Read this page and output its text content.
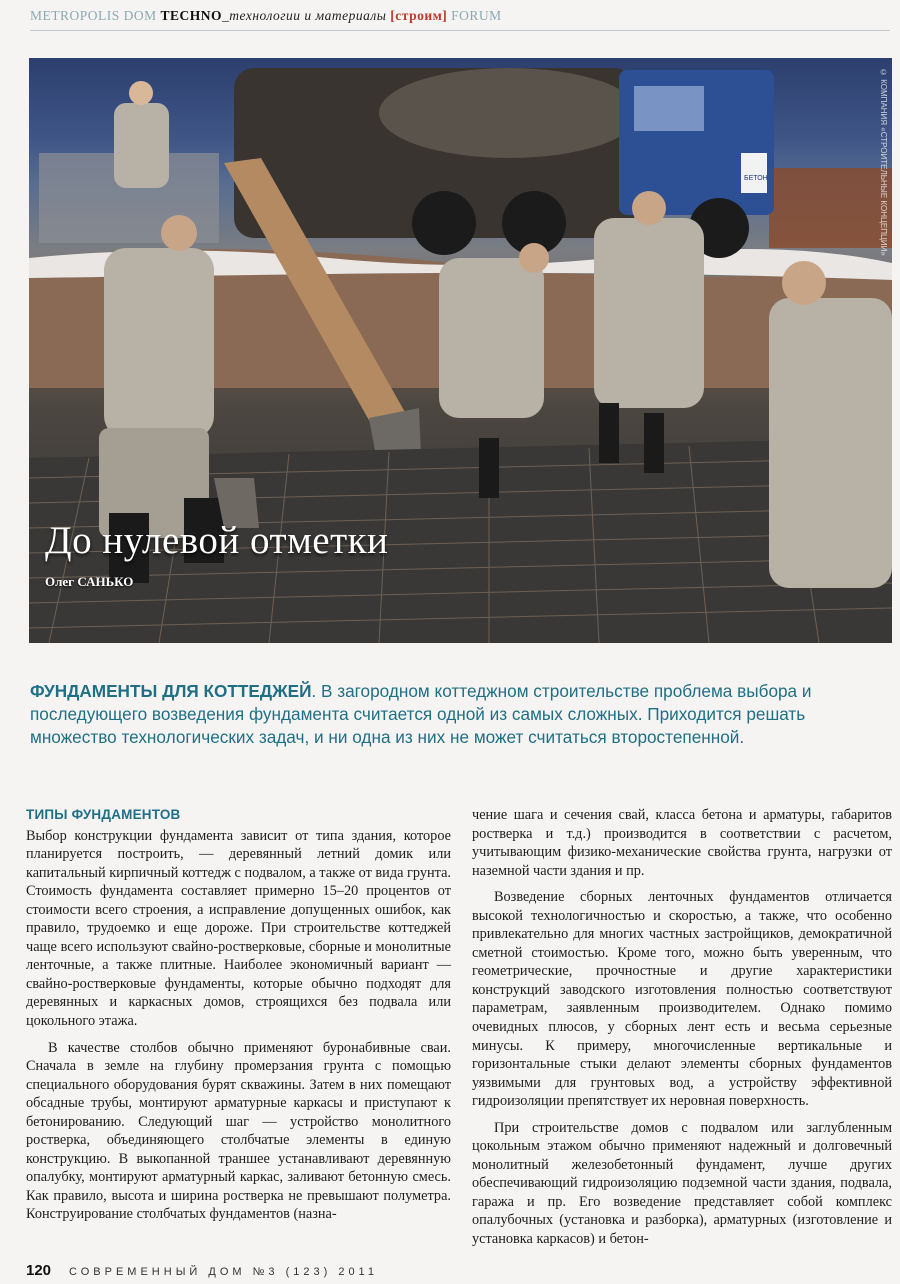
METROPOLIS DOM TECHNO_технологии и материалы [строим] FORUM
БЕТОН	© КОМПАНИЯ «СТРОИТЕЛЬНЫЕ КОНЦЕПЦИИ»
До нулевой отметки
Олег САНЬКО
ФУНДАМЕНТЫ ДЛЯ КОТТЕДЖЕЙ. В загородном коттеджном строительстве проблема выбора и последующего возведения фундамента считается одной из самых сложных. Приходится решать множество технологических задач, и ни одна из них не может считаться второстепенной.
ТИПЫ ФУНДАМЕНТОВ

Выбор конструкции фундамента зависит от типа здания, которое планируется построить, — деревянный летний домик или капитальный кирпичный коттедж с подвалом, а также от вида грунта. Стоимость фундамента составляет примерно 15–20 процентов от стоимости всего строения, а исправление допущенных ошибок, как правило, трудоемко и еще дороже. При строительстве коттеджей чаще всего используют свайно-ростверковые, сборные и монолитные ленточные, а также плитные. Наиболее экономичный вариант — свайно-ростверковые фундаменты, которые обычно подходят для деревянных и каркасных домов, строящихся без подвала или цокольного этажа.

В качестве столбов обычно применяют буронабивные сваи. Сначала в земле на глубину промерзания грунта с помощью специального оборудования бурят скважины. Затем в них помещают обсадные трубы, монтируют арматурные каркасы и приступают к бетонированию. Следующий шаг — устройство монолитного ростверка, объединяющего столбчатые элементы в единую конструкцию. В выкопанной траншее устанавливают деревянную опалубку, монтируют арматурный каркас, заливают бетонную смесь. Как правило, высота и ширина ростверка не превышают полуметра. Конструирование столбчатых фундаментов (назна-

чение шага и сечения свай, класса бетона и арматуры, габаритов ростверка и т.д.) производится в соответствии с расчетом, учитывающим физико-механические свойства грунта, нагрузки от наземной части здания и пр.

Возведение сборных ленточных фундаментов отличается высокой технологичностью и скоростью, а также, что особенно привлекательно для многих частных застройщиков, демократичной сметной стоимостью. Кроме того, можно быть уверенным, что геометрические, прочностные и другие характеристики конструкций заводского изготовления полностью соответствуют параметрам, заявленным производителем. Однако помимо очевидных плюсов, у сборных лент есть и весьма серьезные минусы. К примеру, многочисленные вертикальные и горизонтальные стыки делают элементы сборных фундаментов уязвимыми для грунтовых вод, а устройству эффективной гидроизоляции препятствует их неровная поверхность.

При строительстве домов с подвалом или заглубленным цокольным этажом обычно применяют надежный и долговечный монолитный железобетонный фундамент, лучше других обеспечивающий гидроизоляцию подземной части здания, подвала, гаража и пр. Его возведение представляет собой комплекс опалубочных (установка и разборка), арматурных (изготовление и установка каркасов) и бетон-

120 СОВРЕМЕННЫЙ ДОМ №3 (123) 2011
